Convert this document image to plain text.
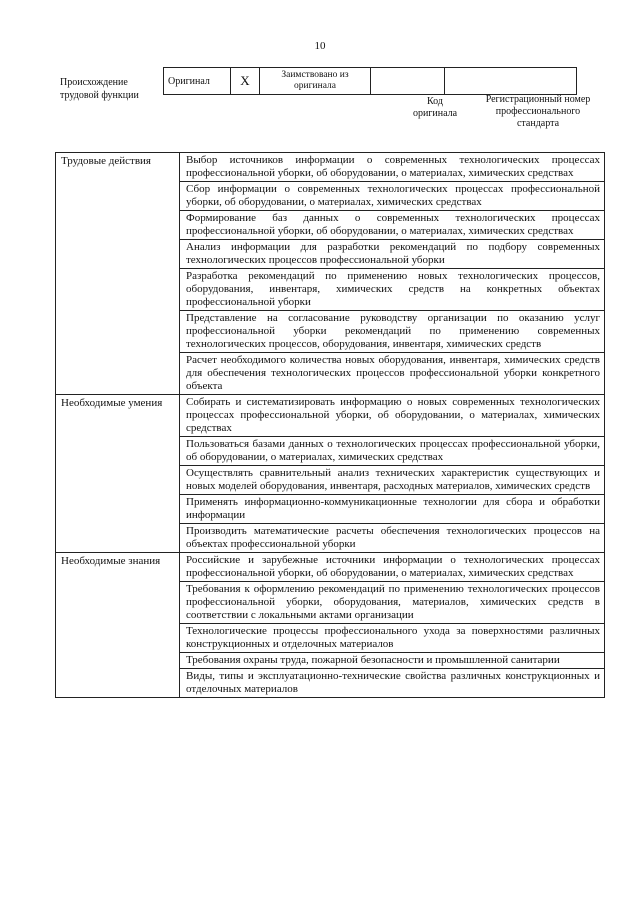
10
Происхождение трудовой функции
Оригинал	X	Заимствовано из оригинала		
Код оригинала
Регистрационный номер профессионального стандарта
Трудовые действия	Выбор источников информации о современных технологических процессах профессиональной уборки, об оборудовании, о материалах, химических средствах
	Сбор информации о современных технологических процессах профессиональной уборки, об оборудовании, о материалах, химических средствах
	Формирование баз данных о современных технологических процессах профессиональной уборки, об оборудовании, о материалах, химических средствах
	Анализ информации для разработки рекомендаций по подбору современных технологических процессов профессиональной уборки
	Разработка рекомендаций по применению новых технологических процессов, оборудования, инвентаря, химических средств на конкретных объектах профессиональной уборки
	Представление на согласование руководству организации по оказанию услуг профессиональной уборки рекомендаций по применению современных технологических процессов, оборудования, инвентаря, химических средств
	Расчет необходимого количества новых оборудования, инвентаря, химических средств для обеспечения технологических процессов профессиональной уборки конкретного объекта
Необходимые умения	Собирать и систематизировать информацию о новых современных технологических процессах профессиональной уборки, об оборудовании, о материалах, химических средствах
	Пользоваться базами данных о технологических процессах профессиональной уборки, об оборудовании, о материалах, химических средствах
	Осуществлять сравнительный анализ технических характеристик существующих и новых моделей оборудования, инвентаря, расходных материалов, химических средств
	Применять информационно-коммуникационные технологии для сбора и обработки информации
	Производить математические расчеты обеспечения технологических процессов на объектах профессиональной уборки
Необходимые знания	Российские и зарубежные источники информации о технологических процессах профессиональной уборки, об оборудовании, о материалах, химических средствах
	Требования к оформлению рекомендаций по применению технологических процессов профессиональной уборки, оборудования, материалов, химических средств в соответствии с локальными актами организации
	Технологические процессы профессионального ухода за поверхностями различных конструкционных и отделочных материалов
	Требования охраны труда, пожарной безопасности и промышленной санитарии
	Виды, типы и эксплуатационно-технические свойства различных конструкционных и отделочных материалов
